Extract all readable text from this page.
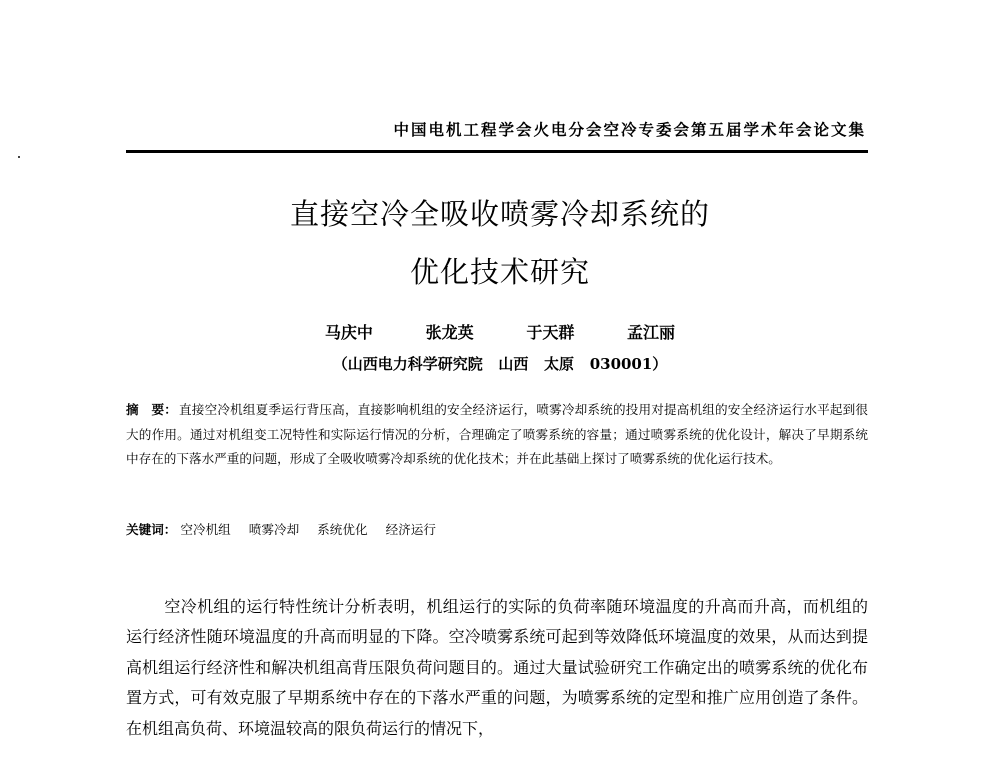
中国电机工程学会火电分会空冷专委会第五届学术年会论文集
直接空冷全吸收喷雾冷却系统的
优化技术研究
马庆中   张龙英   于天群   孟江丽
（山西电力科学研究院   山西   太原   030001）
摘　要： 直接空冷机组夏季运行背压高，直接影响机组的安全经济运行，喷雾冷却系统的投用对提高机组的安全经济运行水平起到很大的作用。通过对机组变工况特性和实际运行情况的分析，合理确定了喷雾系统的容量；通过喷雾系统的优化设计，解决了早期系统中存在的下落水严重的问题，形成了全吸收喷雾冷却系统的优化技术；并在此基础上探讨了喷雾系统的优化运行技术。
关键词： 空冷机组 喷雾冷却 系统优化 经济运行

空冷机组的运行特性统计分析表明，机组运行的实际的负荷率随环境温度的升高而升高，而机组的运行经济性随环境温度的升高而明显的下降。空冷喷雾系统可起到等效降低环境温度的效果，从而达到提高机组运行经济性和解决机组高背压限负荷问题目的。通过大量试验研究工作确定出的喷雾系统的优化布置方式，可有效克服了早期系统中存在的下落水严重的问题，为喷雾系统的定型和推广应用创造了条件。在机组高负荷、环境温较高的限负荷运行的情况下，
